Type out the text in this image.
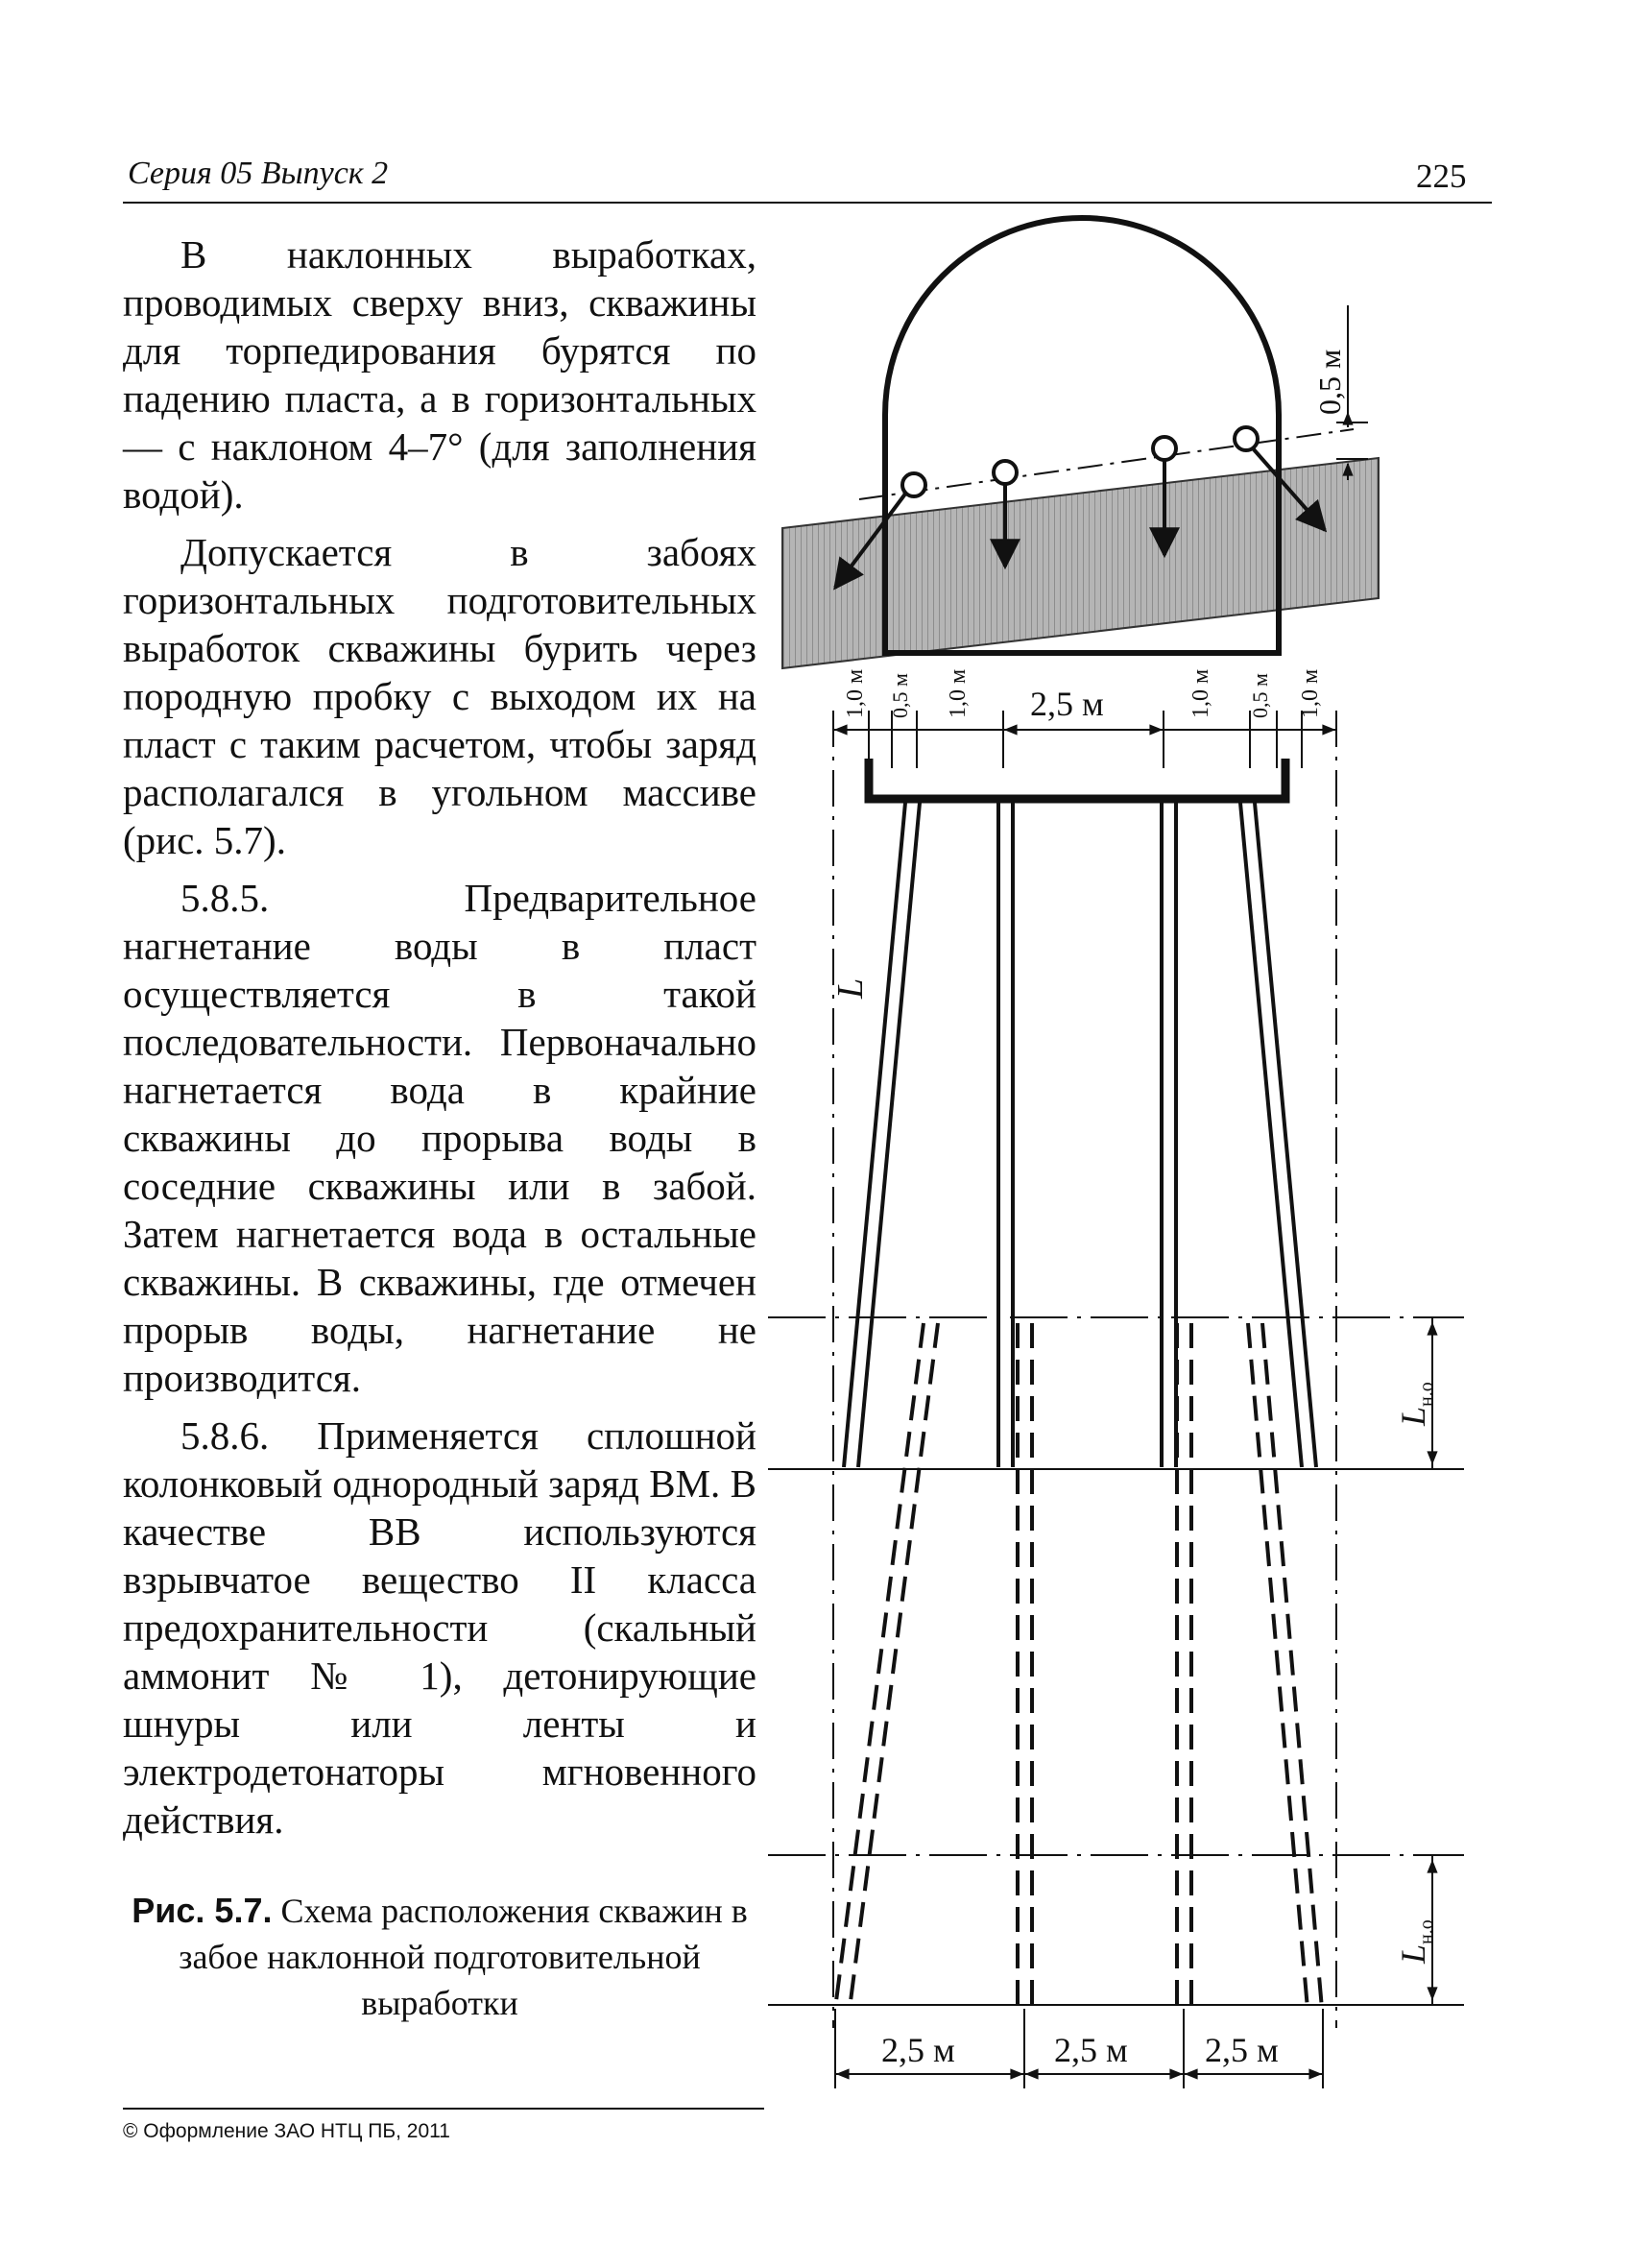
Серия 05 Выпуск 2	225

В наклонных выработках, проводимых сверху вниз, скважины для торпедирования бурятся по падению пласта, а в горизонтальных — с наклоном 4–7° (для заполнения водой).

Допускается в забоях горизонтальных подготовительных выработок скважины бурить через породную пробку с выходом их на пласт с таким расчетом, чтобы заряд располагался в угольном массиве (рис. 5.7).

5.8.5. Предварительное нагнетание воды в пласт осуществляется в такой последовательности. Первоначально нагнетается вода в крайние скважины до прорыва воды в соседние скважины или в забой. Затем нагнетается вода в остальные скважины. В скважины, где отмечен прорыв воды, нагнетание не производится.

5.8.6. Применяется сплошной колонковый однородный заряд ВМ. В качестве ВВ используются взрывчатое вещество II класса предохранительности (скальный аммонит № 1), детонирующие шнуры или ленты и электродетонаторы мгновенного действия.

Рис. 5.7. Схема расположения скважин в забое наклонной подготовительной выработки
0,5 м
1,0 м 0,5 м 1,0 м 2,5 м	1,0 м 0,5 м 1,0 м
L
$L_{н.о}$
$L_{н.о}$
2,5 м	2,5 м 2,5 м
© Оформление ЗАО НТЦ ПБ, 2011
